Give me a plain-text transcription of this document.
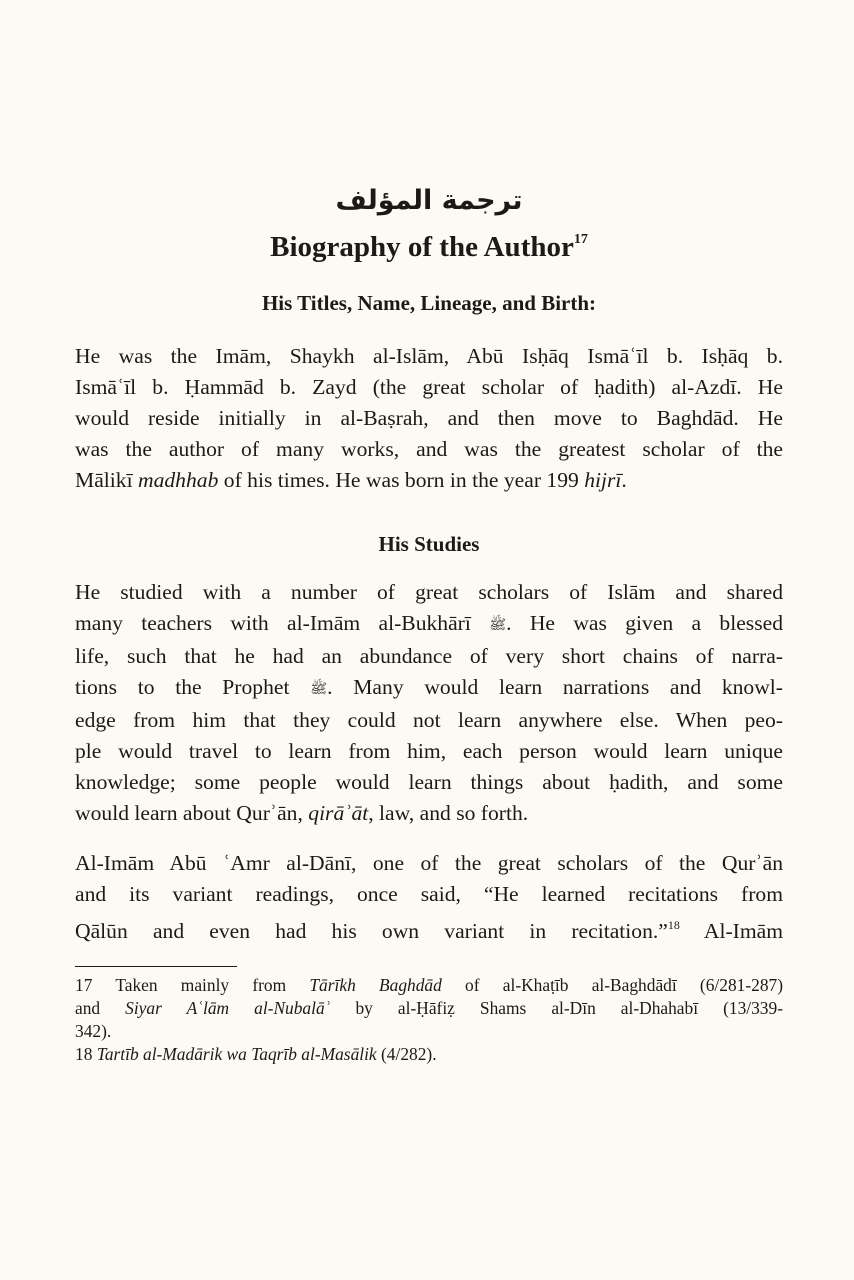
ترجمة المؤلف
Biography of the Author$^{17}$
His Titles, Name, Lineage, and Birth:
He was the Imām, Shaykh al-Islām, Abū Isḥāq Ismāʿīl b. Isḥāq b.
Ismāʿīl b. Ḥammād b. Zayd (the great scholar of ḥadith) al-Azdī. He
would reside initially in al-Baṣrah, and then move to Baghdād. He
was the author of many works, and was the greatest scholar of the
Mālikī madhhab of his times. He was born in the year 199 hijrī.
His Studies
He studied with a number of great scholars of Islām and shared
many teachers with al-Imām al-Bukhārī ﷺ. He was given a blessed
life, such that he had an abundance of very short chains of narra-
tions to the Prophet ﷺ. Many would learn narrations and knowl-
edge from him that they could not learn anywhere else. When peo-
ple would travel to learn from him, each person would learn unique
knowledge; some people would learn things about ḥadith, and some
would learn about Qurʾān, qirāʾāt, law, and so forth.
Al-Imām Abū ʿAmr al-Dānī, one of the great scholars of the Qurʾān
and its variant readings, once said, “He learned recitations from
Qālūn and even had his own variant in recitation.”$^{18}$ Al-Imām
17 Taken mainly from Tārīkh Baghdād of al-Khaṭīb al-Baghdādī (6/281-287)
and Siyar Aʿlām al-Nubalāʾ by al-Ḥāfiẓ Shams al-Dīn al-Dhahabī (13/339-
342).
18 Tartīb al-Madārik wa Taqrīb al-Masālik (4/282).
